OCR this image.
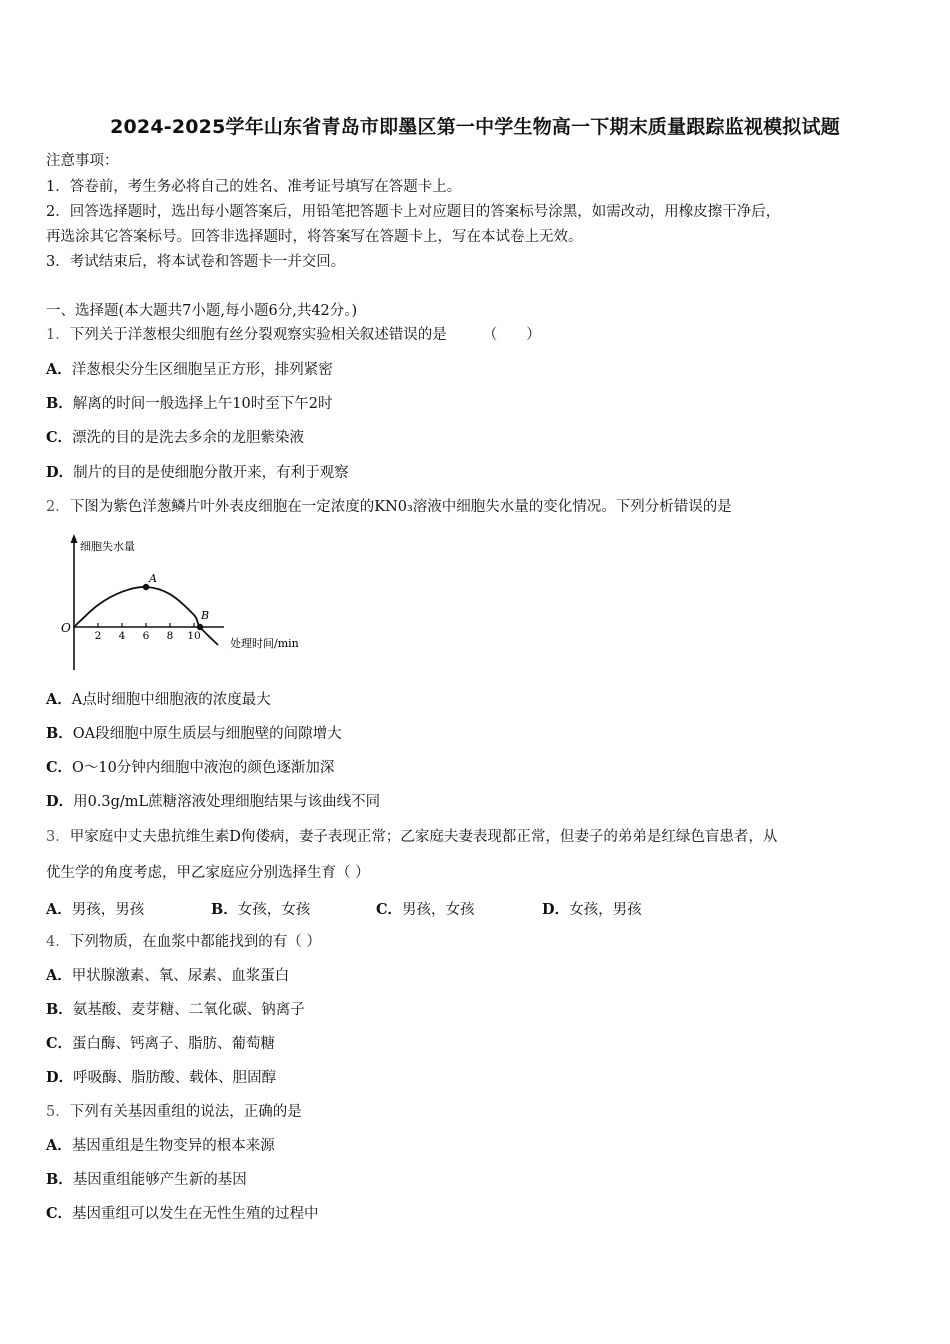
2024-2025学年山东省青岛市即墨区第一中学生物高一下期末质量跟踪监视模拟试题
注意事项：
1．答卷前，考生务必将自己的姓名、准考证号填写在答题卡上。
2．回答选择题时，选出每小题答案后，用铅笔把答题卡上对应题目的答案标号涂黑，如需改动，用橡皮擦干净后，
再选涂其它答案标号。回答非选择题时，将答案写在答题卡上，写在本试卷上无效。
3．考试结束后，将本试卷和答题卡一并交回。
一、选择题(本大题共7小题,每小题6分,共42分。)
1．下列关于洋葱根尖细胞有丝分裂观察实验相关叙述错误的是 （　　）
A．洋葱根尖分生区细胞呈正方形，排列紧密
B．解离的时间一般选择上午10时至下午2时
C．漂洗的目的是洗去多余的龙胆紫染液
D．制片的目的是使细胞分散开来，有利于观察
2．下图为紫色洋葱鳞片叶外表皮细胞在一定浓度的KN0₃溶液中细胞失水量的变化情况。下列分析错误的是
2 4 6 8 10
A
B
O
细胞失水量
处理时间/min
A．A点时细胞中细胞液的浓度最大
B．OA段细胞中原生质层与细胞壁的间隙增大
C．O～10分钟内细胞中液泡的颜色逐渐加深
D．用0.3g/mL蔗糖溶液处理细胞结果与该曲线不同
3．甲家庭中丈夫患抗维生素D佝偻病，妻子表现正常；乙家庭夫妻表现都正常，但妻子的弟弟是红绿色盲患者，从
优生学的角度考虑，甲乙家庭应分别选择生育（ ）
A．男孩，男孩	B．女孩，女孩	C．男孩，女孩	D．女孩，男孩
4．下列物质，在血浆中都能找到的有（ ）
A．甲状腺激素、氧、尿素、血浆蛋白
B．氨基酸、麦芽糖、二氧化碳、钠离子
C．蛋白酶、钙离子、脂肪、葡萄糖
D．呼吸酶、脂肪酸、载体、胆固醇
5．下列有关基因重组的说法，正确的是
A．基因重组是生物变异的根本来源
B．基因重组能够产生新的基因
C．基因重组可以发生在无性生殖的过程中
